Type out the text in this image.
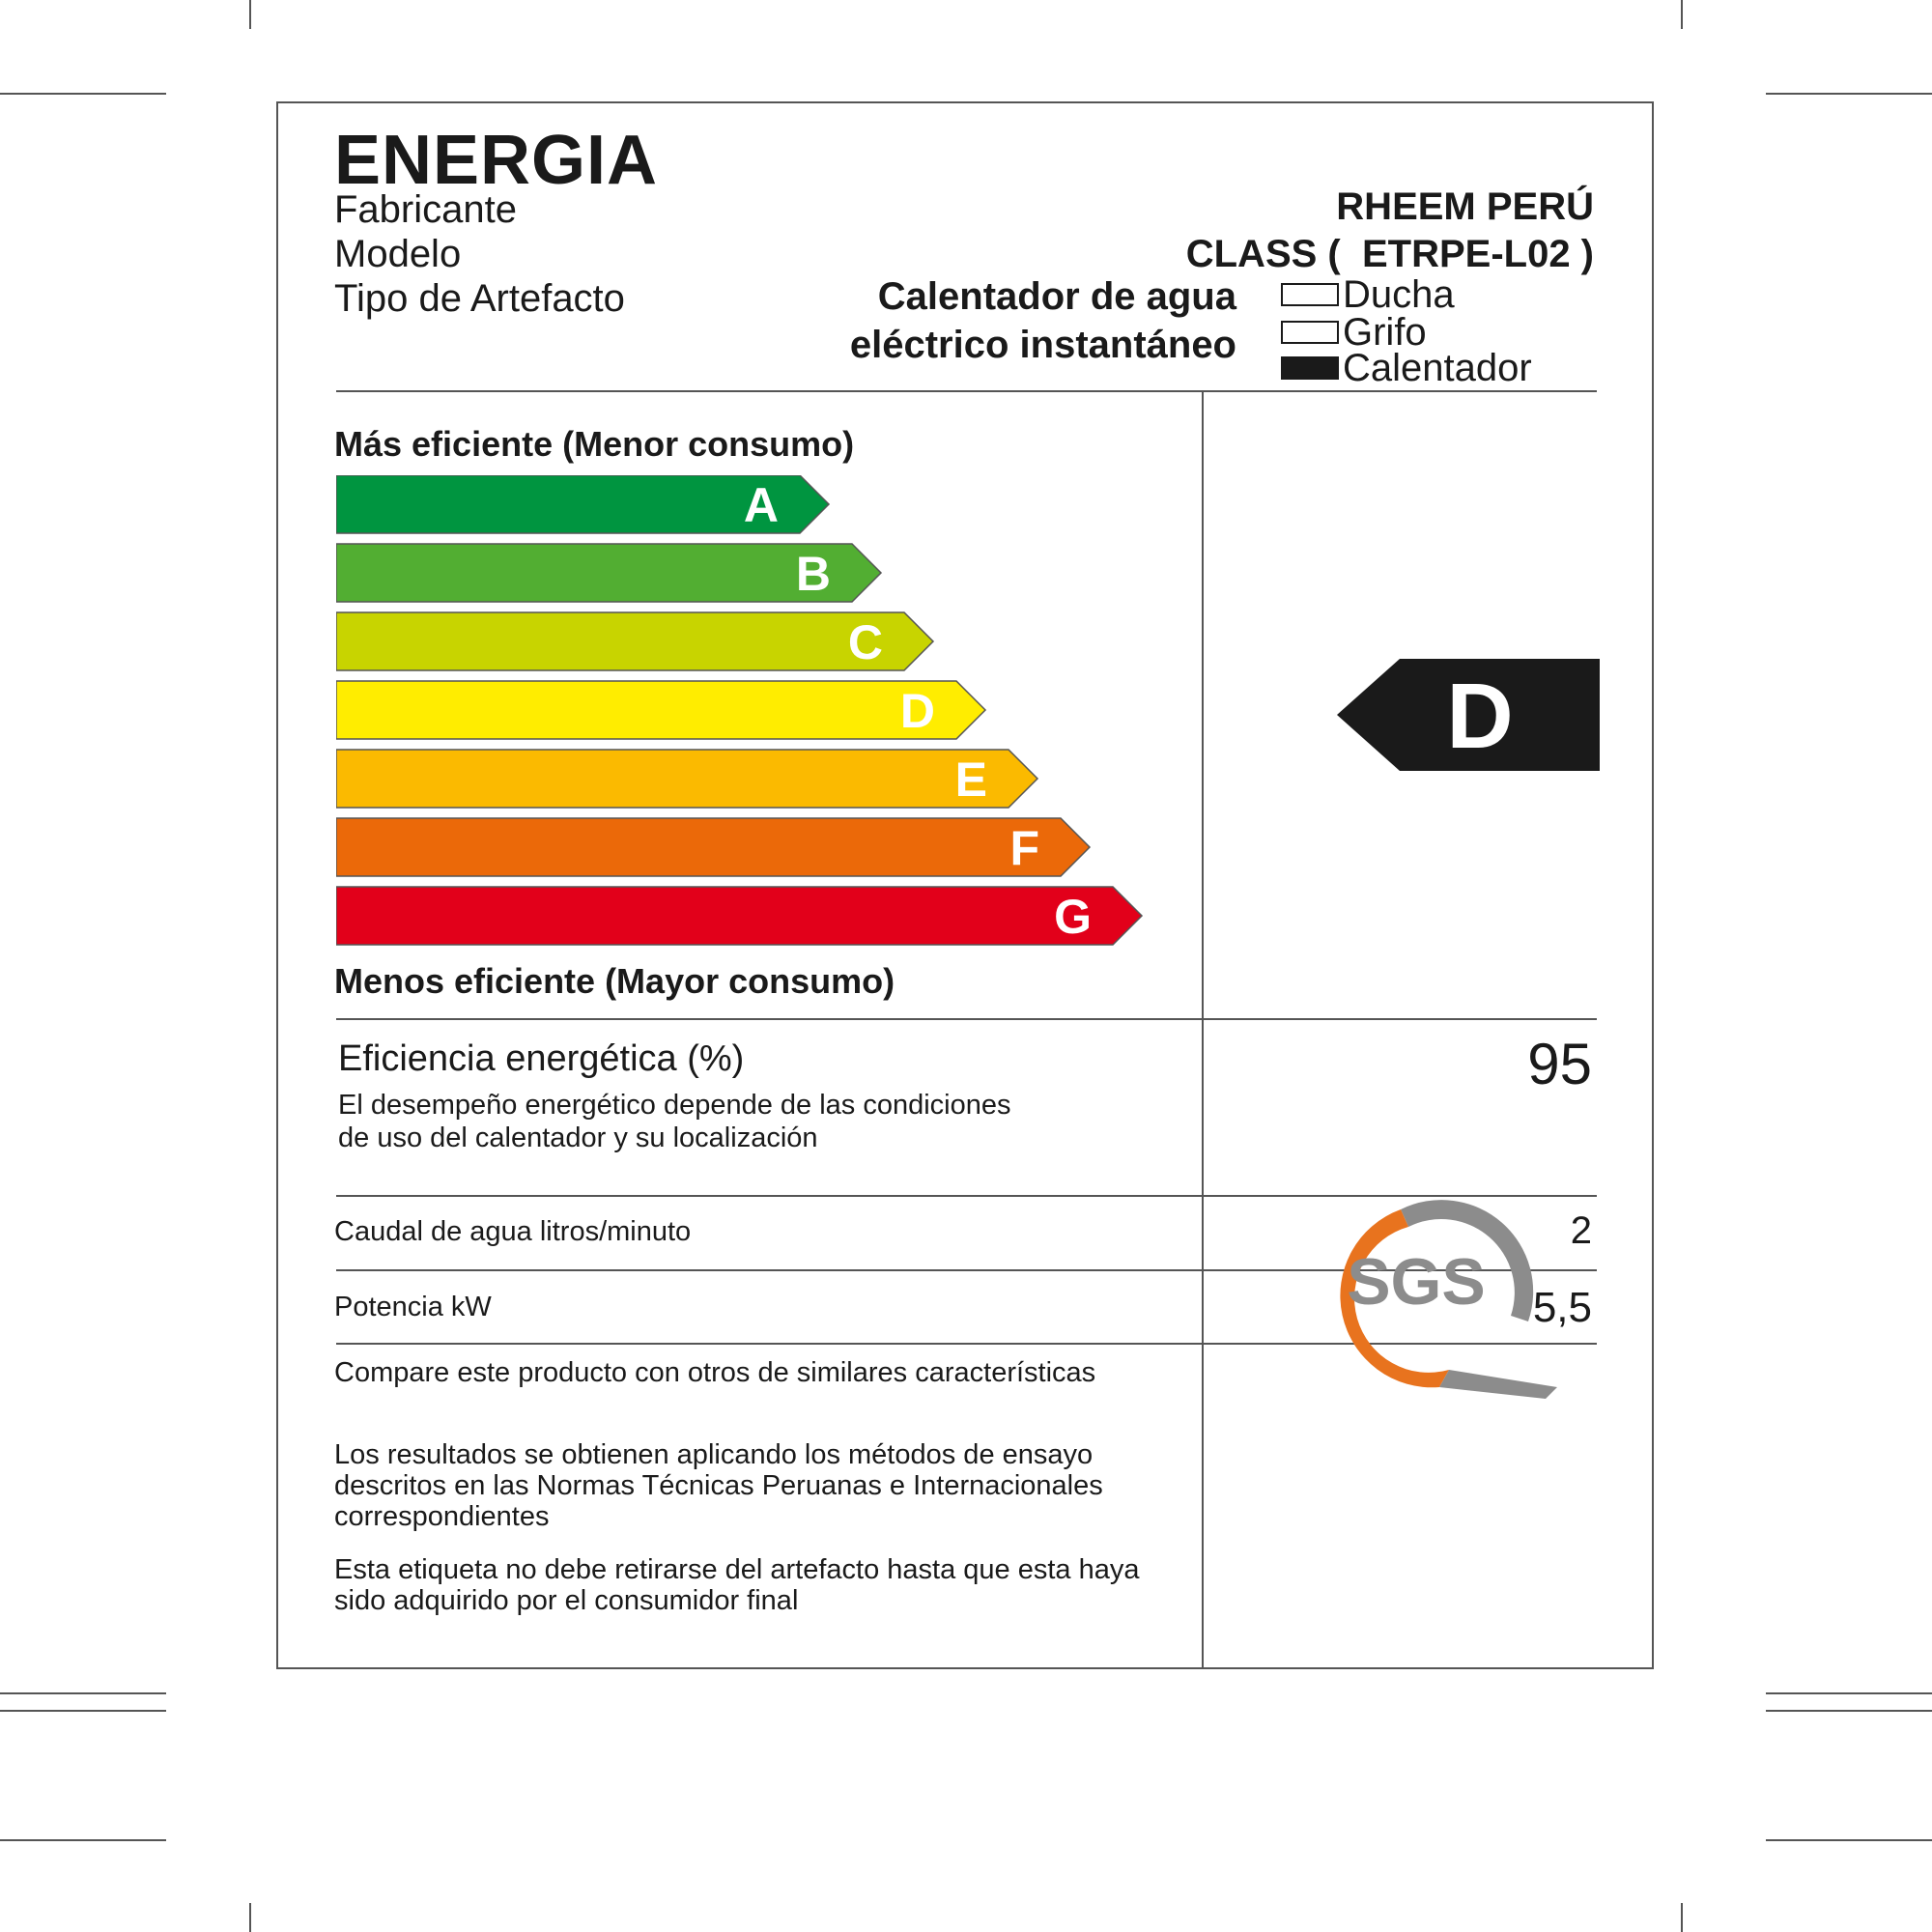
ENERGIA
Fabricante	RHEEM PERÚ
Modelo	CLASS (  ETRPE-L02 )
Tipo de Artefacto	Calentador de agua
eléctrico instantáneo
Ducha
Grifo
Calentador
Más eficiente (Menor consumo)
A
B
C
D
E
F
G
Menos eficiente (Mayor consumo)
D
Eficiencia energética (%)
El desempeño energético depende de las condiciones de uso del calentador y su localización
95
Caudal de agua litros/minuto	2
Potencia kW	5,5
Compare este producto con otros de similares características
Los resultados se obtienen aplicando los métodos de ensayo descritos en las Normas Técnicas Peruanas e Internacionales correspondientes
Esta etiqueta no debe retirarse del artefacto hasta que esta haya sido adquirido por el consumidor final
SGS
